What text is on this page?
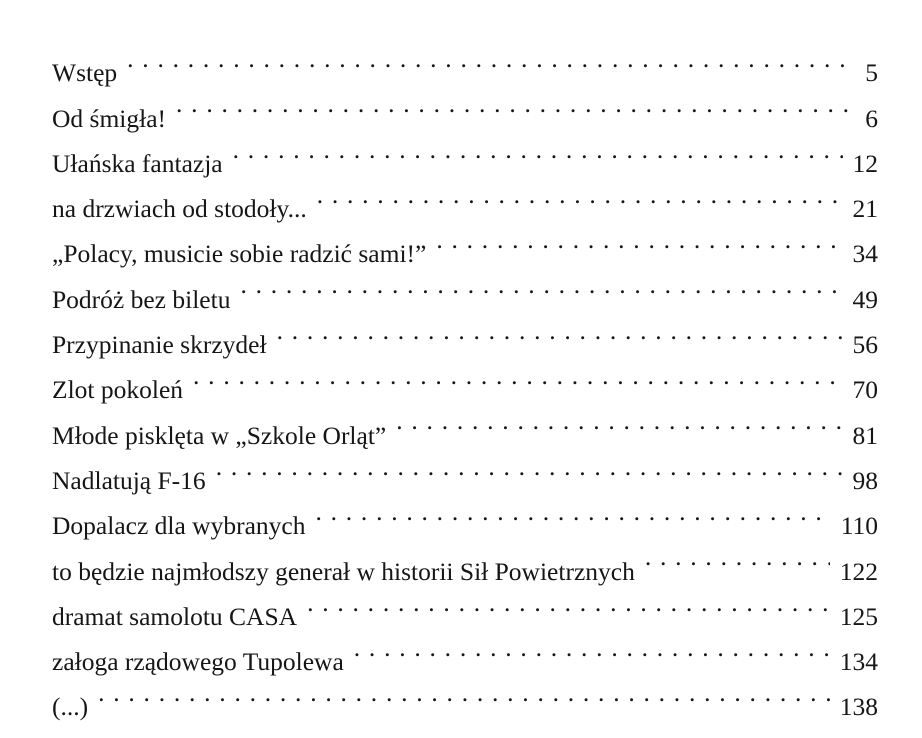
Wstęp . . .	5
Od śmigła! . . .	6
Ułańska fantazja . . .	12
na drzwiach od stodoły... . . .	21
„Polacy, musicie sobie radzić sami!” . . .	34
Podróż bez biletu . . .	49
Przypinanie skrzydeł . . .	56
Zlot pokoleń . . .	70
Młode pisklęta w „Szkole Orląt” . . .	81
Nadlatują F-16 . . .	98
Dopalacz dla wybranych . . .	110
to będzie najmłodszy generał w historii Sił Powietrznych . . .	122
dramat samolotu CASA . . .	125
załoga rządowego Tupolewa . . .	134
(...) . . .	138
